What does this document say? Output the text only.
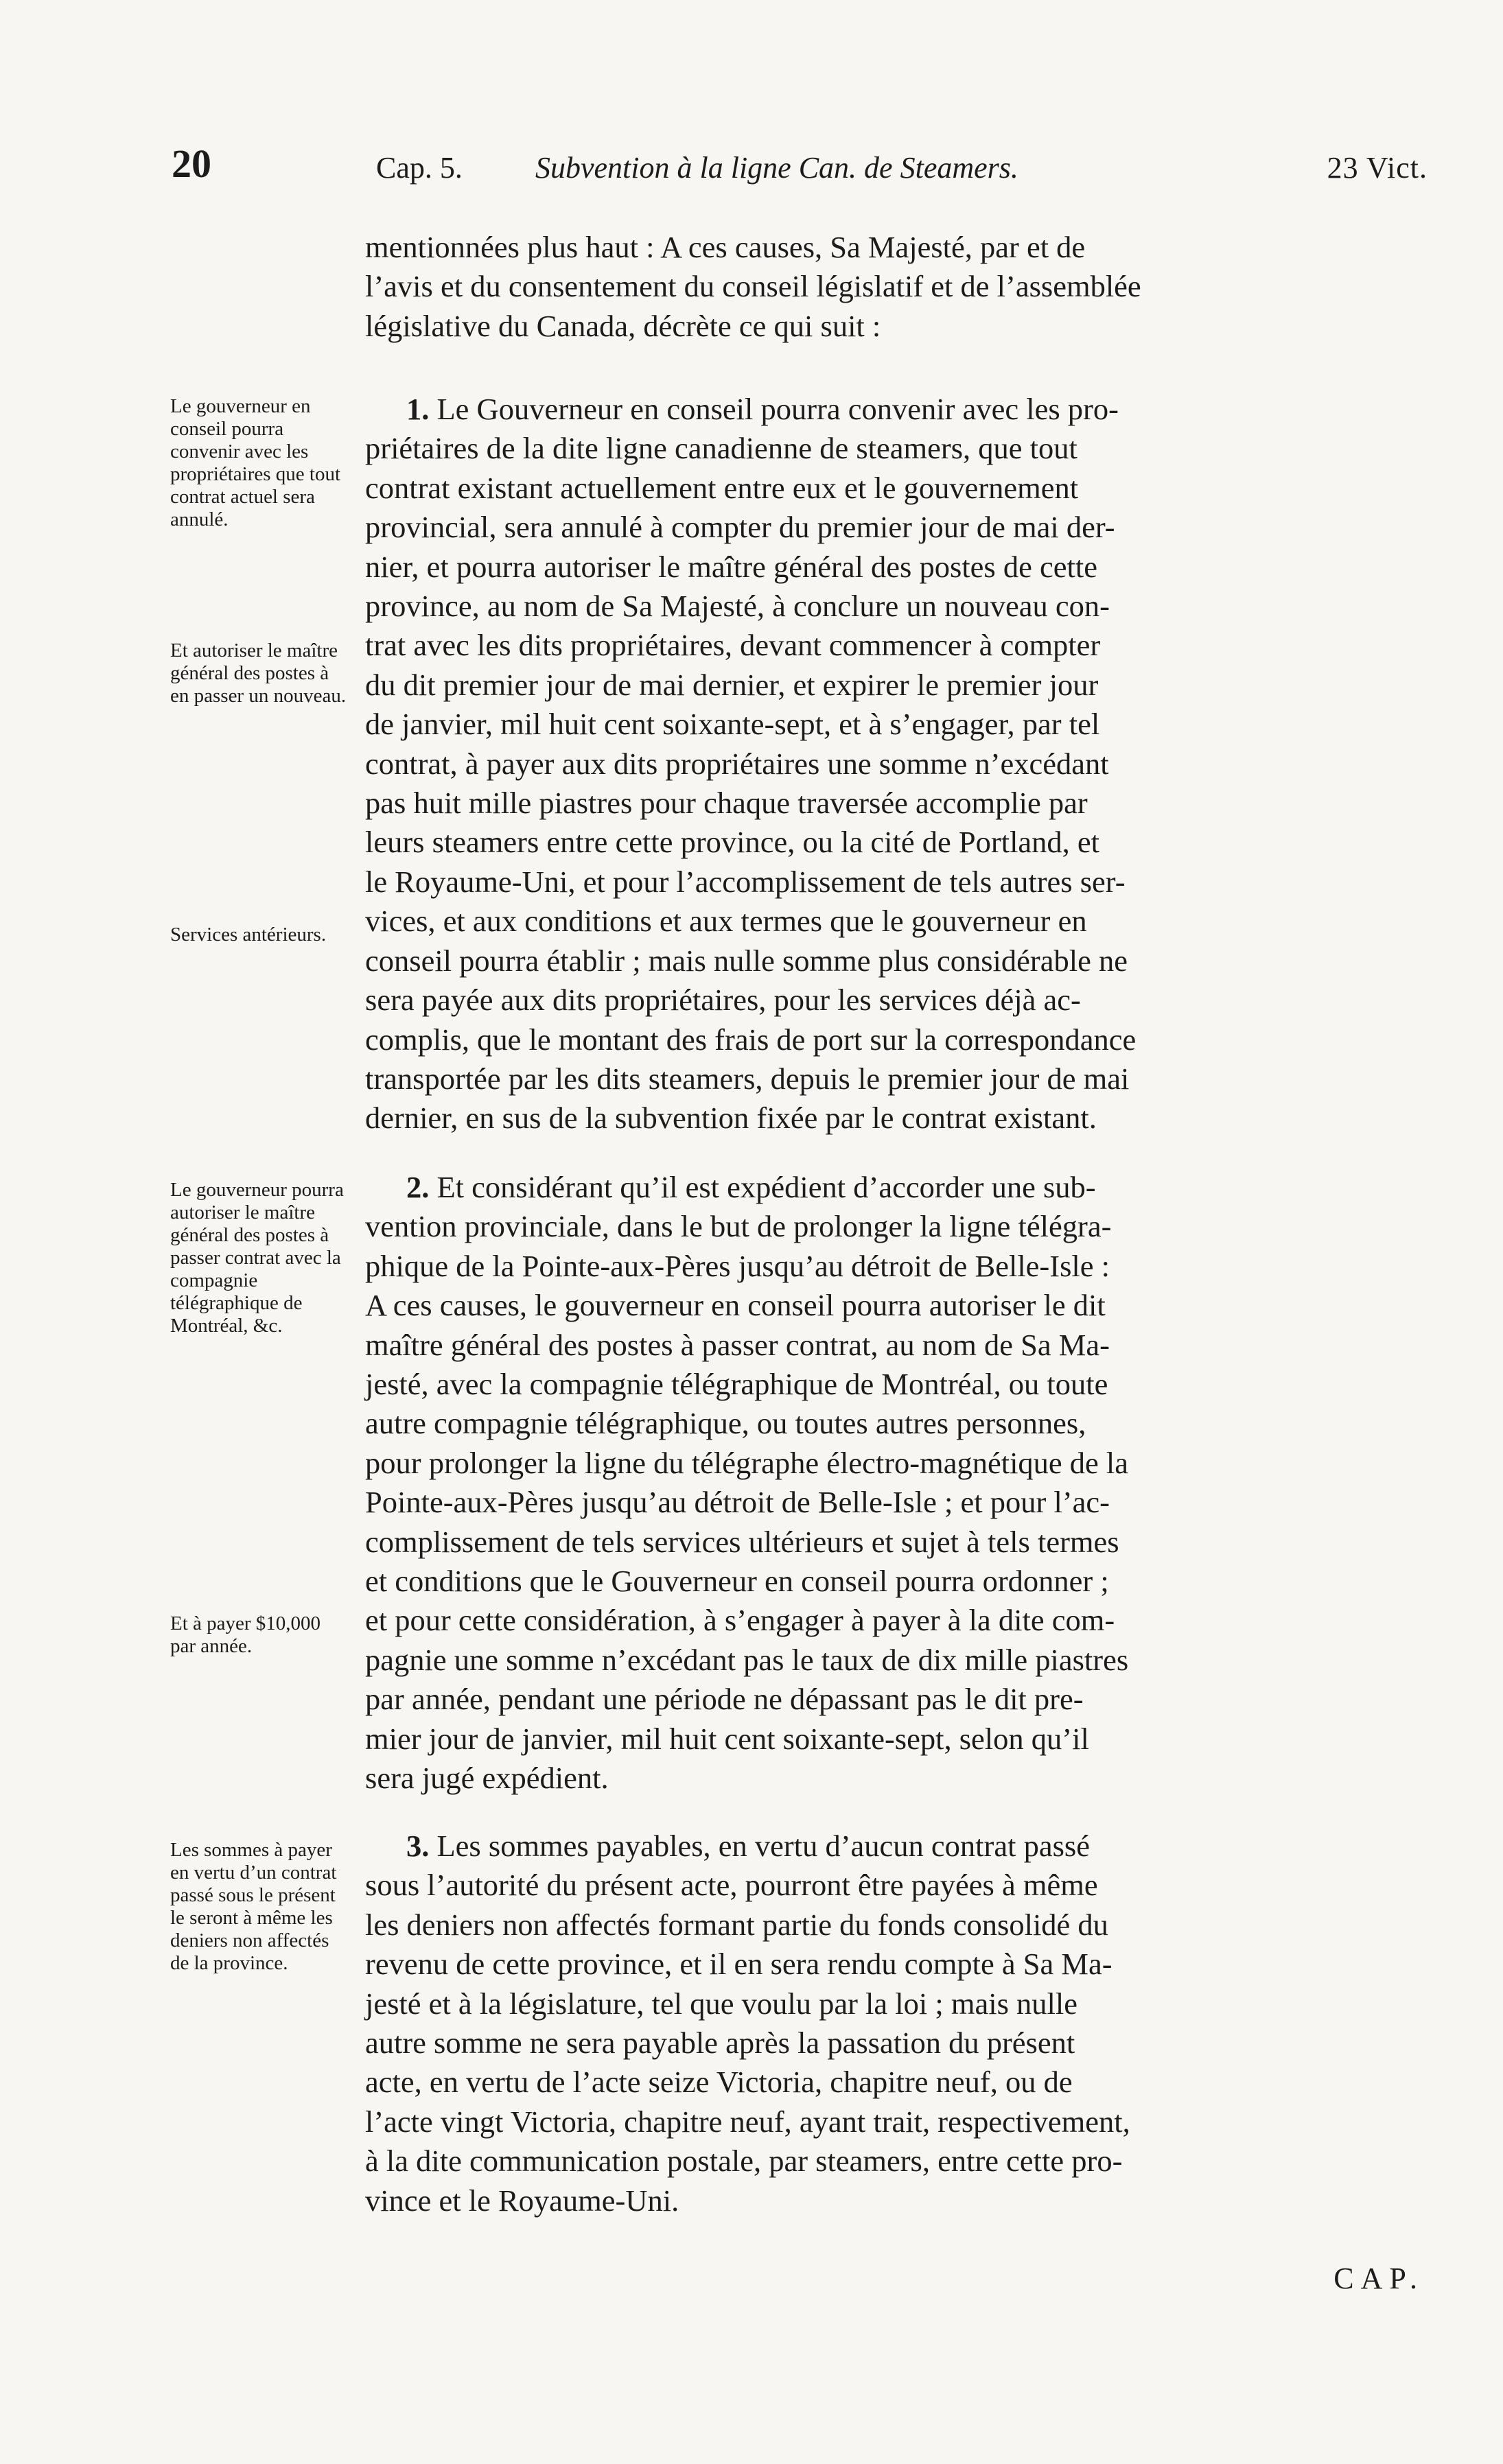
20	Cap. 5. Subvention à la ligne Can. de Steamers.	23 Vict.
mentionnées plus haut : A ces causes, Sa Majesté, par et de
l’avis et du consentement du conseil législatif et de l’assemblée
législative du Canada, décrète ce qui suit :
1. Le Gouverneur en conseil pourra convenir avec les pro-
priétaires de la dite ligne canadienne de steamers, que tout
contrat existant actuellement entre eux et le gouvernement
provincial, sera annulé à compter du premier jour de mai der-
nier, et pourra autoriser le maître général des postes de cette
province, au nom de Sa Majesté, à conclure un nouveau con-
trat avec les dits propriétaires, devant commencer à compter
du dit premier jour de mai dernier, et expirer le premier jour
de janvier, mil huit cent soixante-sept, et à s’engager, par tel
contrat, à payer aux dits propriétaires une somme n’excédant
pas huit mille piastres pour chaque traversée accomplie par
leurs steamers entre cette province, ou la cité de Portland, et
le Royaume-Uni, et pour l’accomplissement de tels autres ser-
vices, et aux conditions et aux termes que le gouverneur en
conseil pourra établir ; mais nulle somme plus considérable ne
sera payée aux dits propriétaires, pour les services déjà ac-
complis, que le montant des frais de port sur la correspondance
transportée par les dits steamers, depuis le premier jour de mai
dernier, en sus de la subvention fixée par le contrat existant.
2. Et considérant qu’il est expédient d’accorder une sub-
vention provinciale, dans le but de prolonger la ligne télégra-
phique de la Pointe-aux-Pères jusqu’au détroit de Belle-Isle :
A ces causes, le gouverneur en conseil pourra autoriser le dit
maître général des postes à passer contrat, au nom de Sa Ma-
jesté, avec la compagnie télégraphique de Montréal, ou toute
autre compagnie télégraphique, ou toutes autres personnes,
pour prolonger la ligne du télégraphe électro-magnétique de la
Pointe-aux-Pères jusqu’au détroit de Belle-Isle ; et pour l’ac-
complissement de tels services ultérieurs et sujet à tels termes
et conditions que le Gouverneur en conseil pourra ordonner ;
et pour cette considération, à s’engager à payer à la dite com-
pagnie une somme n’excédant pas le taux de dix mille piastres
par année, pendant une période ne dépassant pas le dit pre-
mier jour de janvier, mil huit cent soixante-sept, selon qu’il
sera jugé expédient.
3. Les sommes payables, en vertu d’aucun contrat passé
sous l’autorité du présent acte, pourront être payées à même
les deniers non affectés formant partie du fonds consolidé du
revenu de cette province, et il en sera rendu compte à Sa Ma-
jesté et à la législature, tel que voulu par la loi ; mais nulle
autre somme ne sera payable après la passation du présent
acte, en vertu de l’acte seize Victoria, chapitre neuf, ou de
l’acte vingt Victoria, chapitre neuf, ayant trait, respectivement,
à la dite communication postale, par steamers, entre cette pro-
vince et le Royaume-Uni.
Le gouverneur en conseil pourra convenir avec les propriétaires que tout contrat actuel sera annulé.
Et autoriser le maître général des postes à en passer un nouveau.
Services antérieurs.
Le gouverneur pourra autoriser le maître général des postes à passer contrat avec la compagnie télégraphique de Montréal, &c.
Et à payer $10,000 par année.
Les sommes à payer en vertu d’un contrat passé sous le présent le seront à même les deniers non affectés de la province.
CAP.
